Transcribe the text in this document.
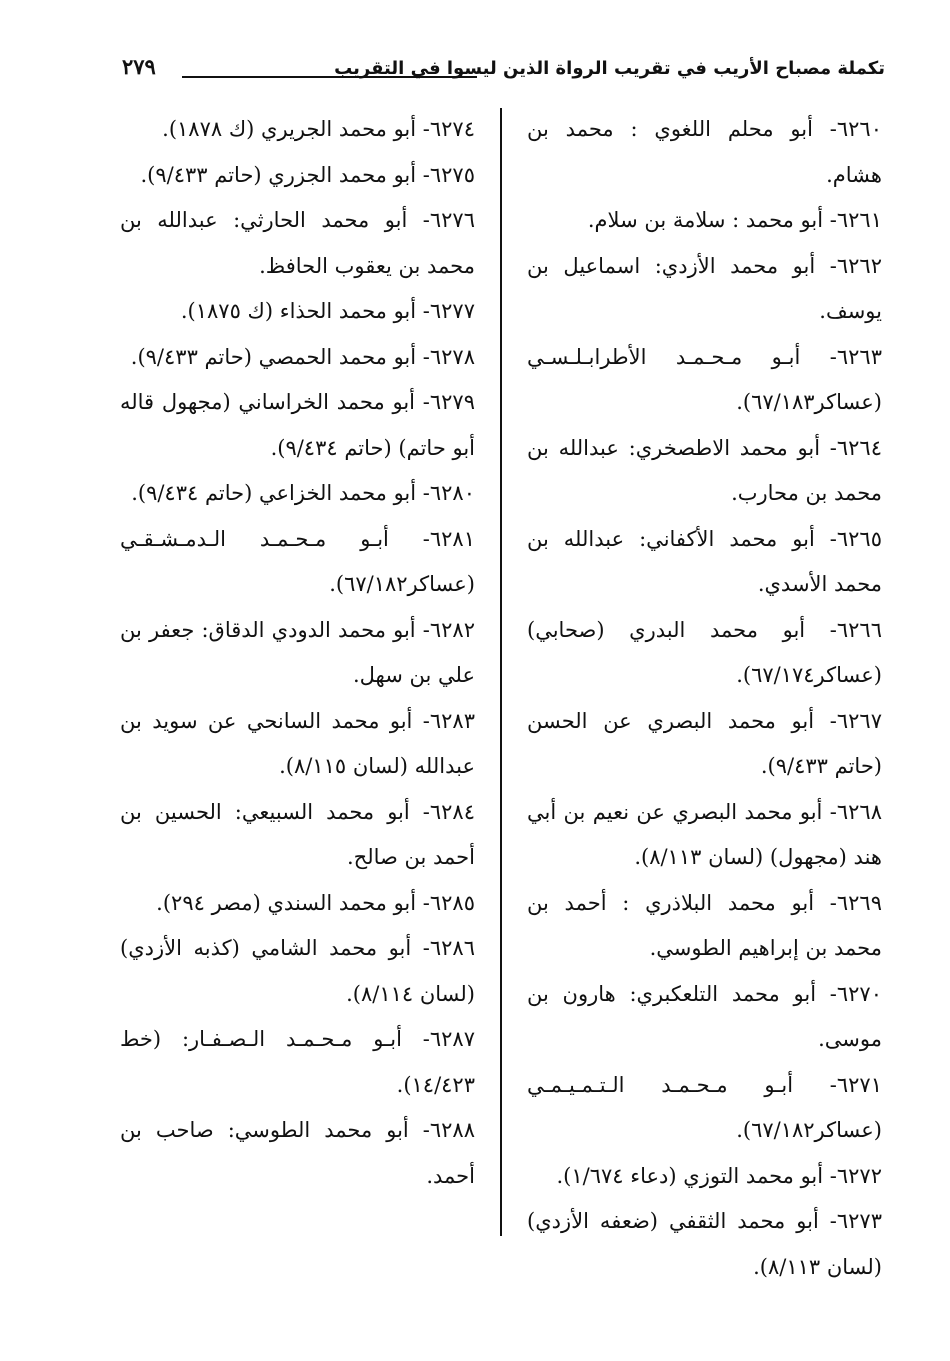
٢٧٩	تكملة مصباح الأريب في تقريب الرواة الذين ليسوا في التقريب

٦٢٦٠- أبو محلم اللغوي : محمد بن هشام.

٦٢٦١- أبو محمد : سلامة بن سلام.

٦٢٦٢- أبو محمد الأزدي: اسماعيل بن يوسف.

٦٢٦٣- أبـو مـحـمـد الأطرابـلـسـي (عساكر٦٧/١٨٣).

٦٢٦٤- أبو محمد الاطصخري: عبدالله بن محمد بن محارب.

٦٢٦٥- أبو محمد الأكفاني: عبدالله بن محمد الأسدي.

٦٢٦٦- أبو محمد البدري (صحابي) (عساكر٦٧/١٧٤).

٦٢٦٧- أبو محمد البصري عن الحسن (حاتم ٩/٤٣٣).

٦٢٦٨- أبو محمد البصري عن نعيم بن أبي هند (مجهول) (لسان ٨/١١٣).

٦٢٦٩- أبو محمد البلاذري : أحمد بن محمد بن إبراهيم الطوسي.

٦٢٧٠- أبو محمد التلعكبري: هارون بن موسى.

٦٢٧١- أبـو مـحـمـد الـتـمـيـمـي (عساكر٦٧/١٨٢).

٦٢٧٢- أبو محمد التوزي (دعاء ١/٦٧٤).

٦٢٧٣- أبو محمد الثقفي (ضعفه الأزدي) (لسان ٨/١١٣).

٦٢٧٤- أبو محمد الجريري (ك ١٨٧٨).

٦٢٧٥- أبو محمد الجزري (حاتم ٩/٤٣٣).

٦٢٧٦- أبو محمد الحارثي: عبدالله بن محمد بن يعقوب الحافظ.

٦٢٧٧- أبو محمد الحذاء (ك ١٨٧٥).

٦٢٧٨- أبو محمد الحمصي (حاتم ٩/٤٣٣).

٦٢٧٩- أبو محمد الخراساني (مجهول قاله أبو حاتم) (حاتم ٩/٤٣٤).

٦٢٨٠- أبو محمد الخزاعي (حاتم ٩/٤٣٤).

٦٢٨١- أبـو مـحـمـد الـدمـشـقـي (عساكر٦٧/١٨٢).

٦٢٨٢- أبو محمد الدودي الدقاق: جعفر بن علي بن سهل.

٦٢٨٣- أبو محمد السانحي عن سويد بن عبدالله (لسان ٨/١١٥).

٦٢٨٤- أبو محمد السبيعي: الحسين بن أحمد بن صالح.

٦٢٨٥- أبو محمد السندي (مصر ٢٩٤).

٦٢٨٦- أبو محمد الشامي (كذبه الأزدي) (لسان ٨/١١٤).

٦٢٨٧- أبـو مـحـمـد الـصـفـار: (خط ١٤/٤٢٣).

٦٢٨٨- أبو محمد الطوسي: صاحب بن أحمد.
